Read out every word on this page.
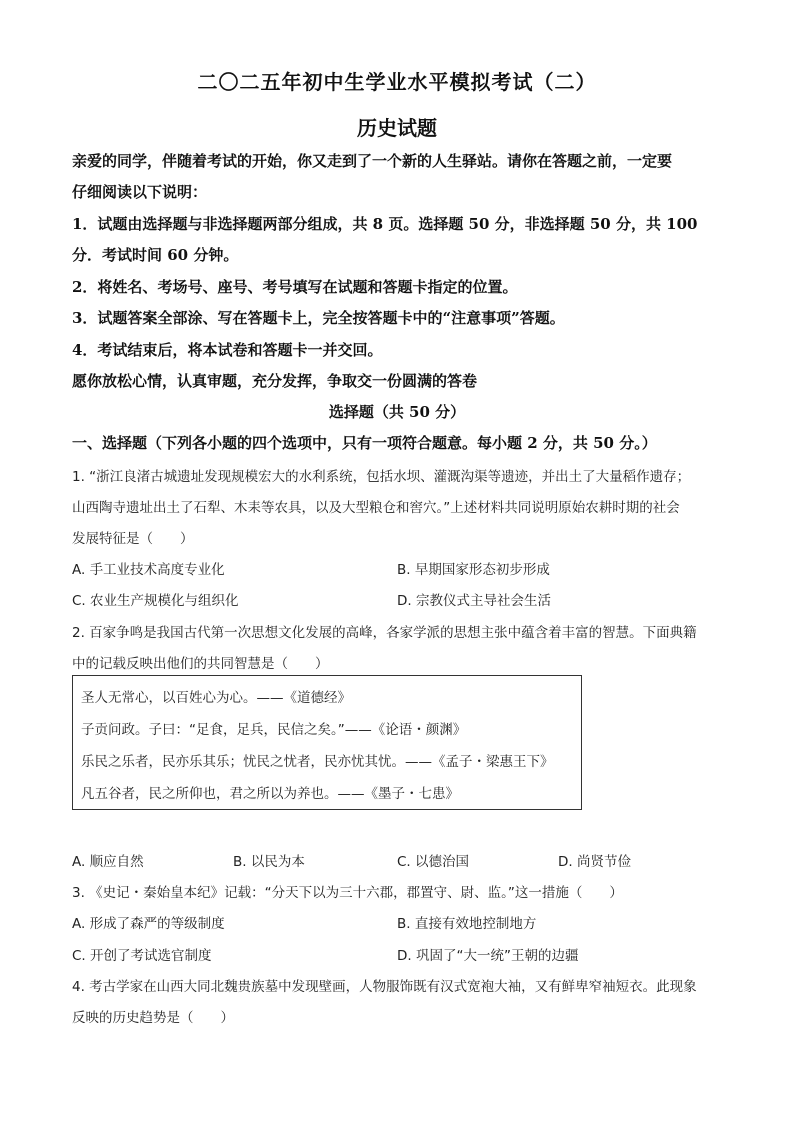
二〇二五年初中生学业水平模拟考试（二）
历史试题
亲爱的同学，伴随着考试的开始，你又走到了一个新的人生驿站。请你在答题之前，一定要
仔细阅读以下说明：
1．试题由选择题与非选择题两部分组成，共 8 页。选择题 50 分，非选择题 50 分，共 100
分．考试时间 60 分钟。
2．将姓名、考场号、座号、考号填写在试题和答题卡指定的位置。
3．试题答案全部涂、写在答题卡上，完全按答题卡中的“注意事项”答题。
4．考试结束后，将本试卷和答题卡一并交回。
愿你放松心情，认真审题，充分发挥，争取交一份圆满的答卷
选择题（共 50 分）
一、选择题（下列各小题的四个选项中，只有一项符合题意。每小题 2 分，共 50 分。）
1. “浙江良渚古城遗址发现规模宏大的水利系统，包括水坝、灌溉沟渠等遗迹，并出土了大量稻作遗存；
山西陶寺遗址出土了石犁、木耒等农具，以及大型粮仓和窖穴。”上述材料共同说明原始农耕时期的社会
发展特征是（　　）
A. 手工业技术高度专业化	B. 早期国家形态初步形成
C. 农业生产规模化与组织化	D. 宗教仪式主导社会生活
2. 百家争鸣是我国古代第一次思想文化发展的高峰，各家学派的思想主张中蕴含着丰富的智慧。下面典籍
中的记载反映出他们的共同智慧是（　　）
圣人无常心，以百姓心为心。——《道德经》
子贡问政。子曰：“足食，足兵，民信之矣。”——《论语・颜渊》
乐民之乐者，民亦乐其乐；忧民之忧者，民亦忧其忧。——《孟子・梁惠王下》
凡五谷者，民之所仰也，君之所以为养也。——《墨子・七患》
A. 顺应自然	B. 以民为本	C. 以德治国	D. 尚贤节俭
3. 《史记・秦始皇本纪》记载：“分天下以为三十六郡，郡置守、尉、监。”这一措施（　　）
A. 形成了森严的等级制度	B. 直接有效地控制地方
C. 开创了考试选官制度	D. 巩固了“大一统”王朝的边疆
4. 考古学家在山西大同北魏贵族墓中发现壁画，人物服饰既有汉式宽袍大袖，又有鲜卑窄袖短衣。此现象
反映的历史趋势是（　　）
